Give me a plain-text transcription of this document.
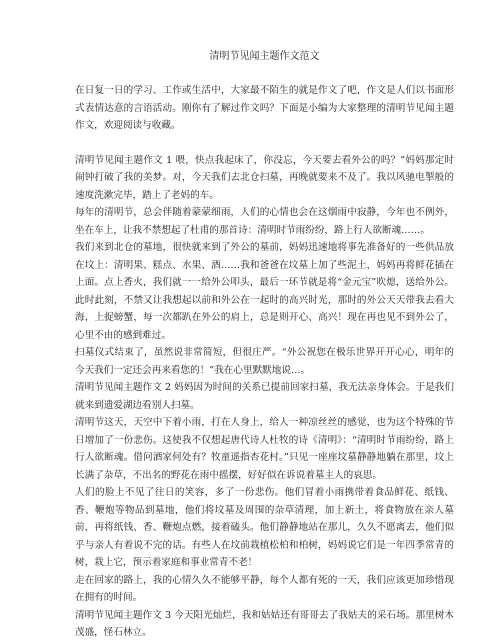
清明节见闻主题作文范文

在日复一日的学习、工作或生活中，大家最不陌生的就是作文了吧，作文是人们以书面形式表情达意的言语活动。刚你有了解过作文吗？下面是小编为大家整理的清明节见闻主题作文，欢迎阅读与收藏。

清明节见闻主题作文 1 喂，快点我起床了，你没忘，今天要去看外公的吗？”妈妈那定时闹钟打破了我的美梦。对，今天我们去北仓扫墓，再晚就要来不及了。我以风驰电掣般的速度洗漱完毕，踏上了老妈的车。

每年的清明节，总会伴随着蒙蒙细雨，人们的心情也会在这烟雨中寂静，今年也不例外，坐在车上，让我不禁想起了杜甫的那首诗：清明时节雨纷纷，路上行人欲断魂……。

我们来到北仓的墓地，很快就来到了外公的墓前，妈妈迅速地将事先准备好的一些供品放在坟上：清明果、糕点、水果、酒……我和爸爸在坟墓上加了些泥土，妈妈再将鲜花插在上面。点上香火，我们就一一给外公叩头，最后一环节就是将“金元宝”吹熄，送给外公。此时此刻，不禁又让我想起以前和外公在一起时的高兴时光，那时的外公天天带我去看大海，上捉螃蟹，每一次都趴在外公的肩上，总是则开心、高兴！现在再也见不到外公了，心里不由的感到难过。

扫墓仪式结束了，虽然说非常简短，但很庄严。“外公祝您在极乐世界开开心心，明年的今天我们一定还会再来看您的！”我在心里默默地说…。

清明节见闻主题作文 2 妈妈因为时间的关系已提前回家扫墓，我无法亲身体会。于是我们就来到遗爱湖边看别人扫墓。

清明节这天，天空中下着小雨，打在人身上，给人一种凉丝丝的感觉，也为这个特殊的节日增加了一份悲伤。这使我不仅想起唐代诗人杜牧的诗《清明》：“清明时节雨纷纷，路上行人欲断魂。借问酒家何处有？牧童遥指杏花村。”只见一座座坟墓静静地躺在那里，坟上长满了杂草，不出名的野花在雨中摇摆，好好似在诉说着墓主人的哀思。

人们的脸上不见了往日的笑容，多了一份悲伤。他们冒着小雨携带着食品鲜花、纸钱、香、鞭炮等物品到墓地，他们将坟墓及周围的杂草清理，加上新土，将食物放在亲人墓前，再将纸钱、香、鞭炮点燃，接着磕头。他们静静地站在那儿，久久不愿离去，他们似乎与亲人有着说不完的话。有些人在坟前栽植松柏和柏树，妈妈说它们是一年四季常青的树，栽上它，预示着家庭和事业常青不老！

走在回家的路上，我的心情久久不能够平静，每个人都有死的一天，我们应该更加珍惜现在拥有的时间。

清明节见闻主题作文 3 今天阳光灿烂，我和姑姑还有哥哥去了我姑夫的采石场。那里树木茂盛，怪石林立。
